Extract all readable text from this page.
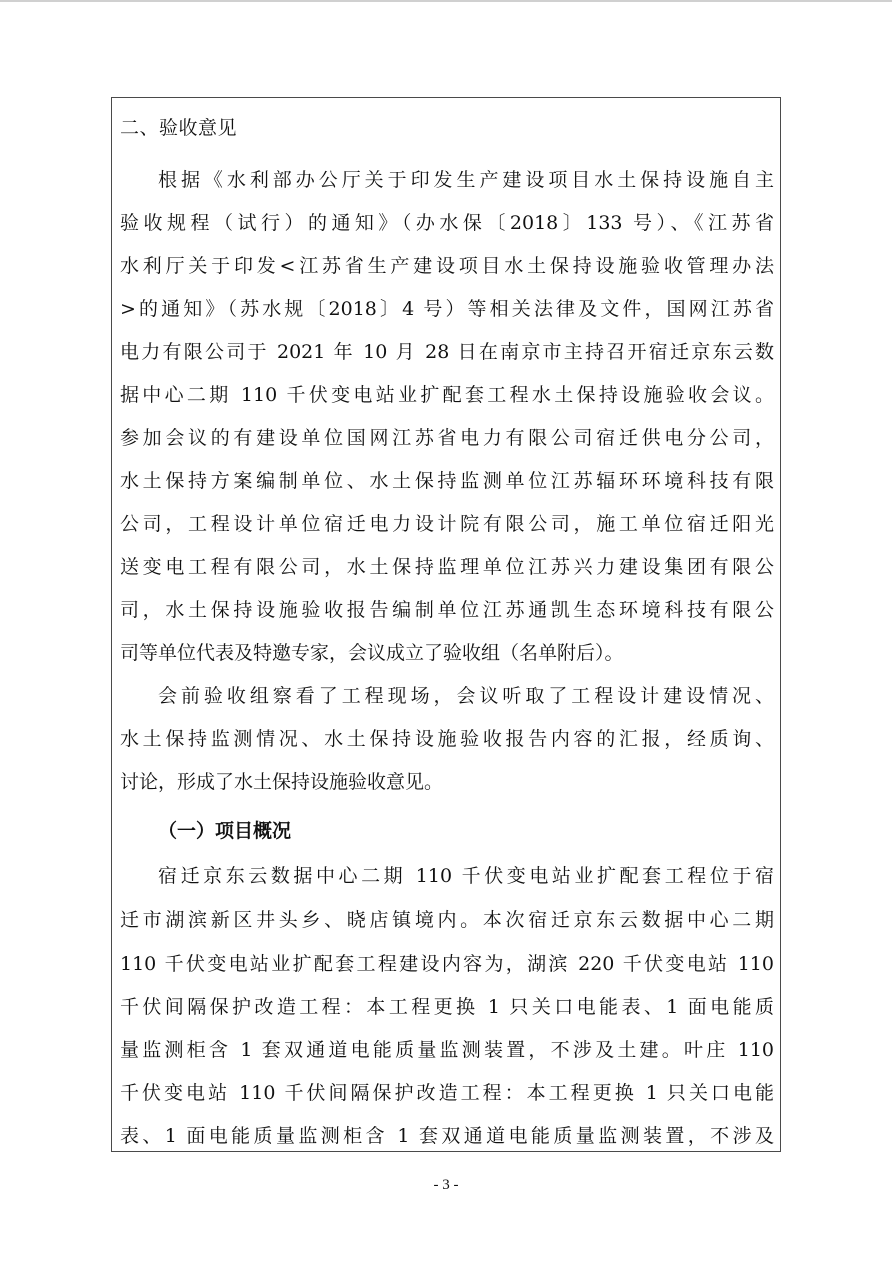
二、验收意见
根据《水利部办公厅关于印发生产建设项目水土保持设施自主
验收规程（试行）的通知》（办水保〔2018〕133 号）、《江苏省
水利厅关于印发<江苏省生产建设项目水土保持设施验收管理办法
>的通知》（苏水规〔2018〕4 号）等相关法律及文件，国网江苏省
电力有限公司于 2021 年 10 月 28 日在南京市主持召开宿迁京东云数
据中心二期 110 千伏变电站业扩配套工程水土保持设施验收会议。
参加会议的有建设单位国网江苏省电力有限公司宿迁供电分公司，
水土保持方案编制单位、水土保持监测单位江苏辐环环境科技有限
公司，工程设计单位宿迁电力设计院有限公司，施工单位宿迁阳光
送变电工程有限公司，水土保持监理单位江苏兴力建设集团有限公
司，水土保持设施验收报告编制单位江苏通凯生态环境科技有限公
司等单位代表及特邀专家，会议成立了验收组（名单附后）。
会前验收组察看了工程现场，会议听取了工程设计建设情况、
水土保持监测情况、水土保持设施验收报告内容的汇报，经质询、
讨论，形成了水土保持设施验收意见。
（一）项目概况
宿迁京东云数据中心二期 110 千伏变电站业扩配套工程位于宿
迁市湖滨新区井头乡、晓店镇境内。本次宿迁京东云数据中心二期
110 千伏变电站业扩配套工程建设内容为，湖滨 220 千伏变电站 110
千伏间隔保护改造工程：本工程更换 1 只关口电能表、1 面电能质
量监测柜含 1 套双通道电能质量监测装置，不涉及土建。叶庄 110
千伏变电站 110 千伏间隔保护改造工程：本工程更换 1 只关口电能
表、1 面电能质量监测柜含 1 套双通道电能质量监测装置，不涉及
- 3 -
